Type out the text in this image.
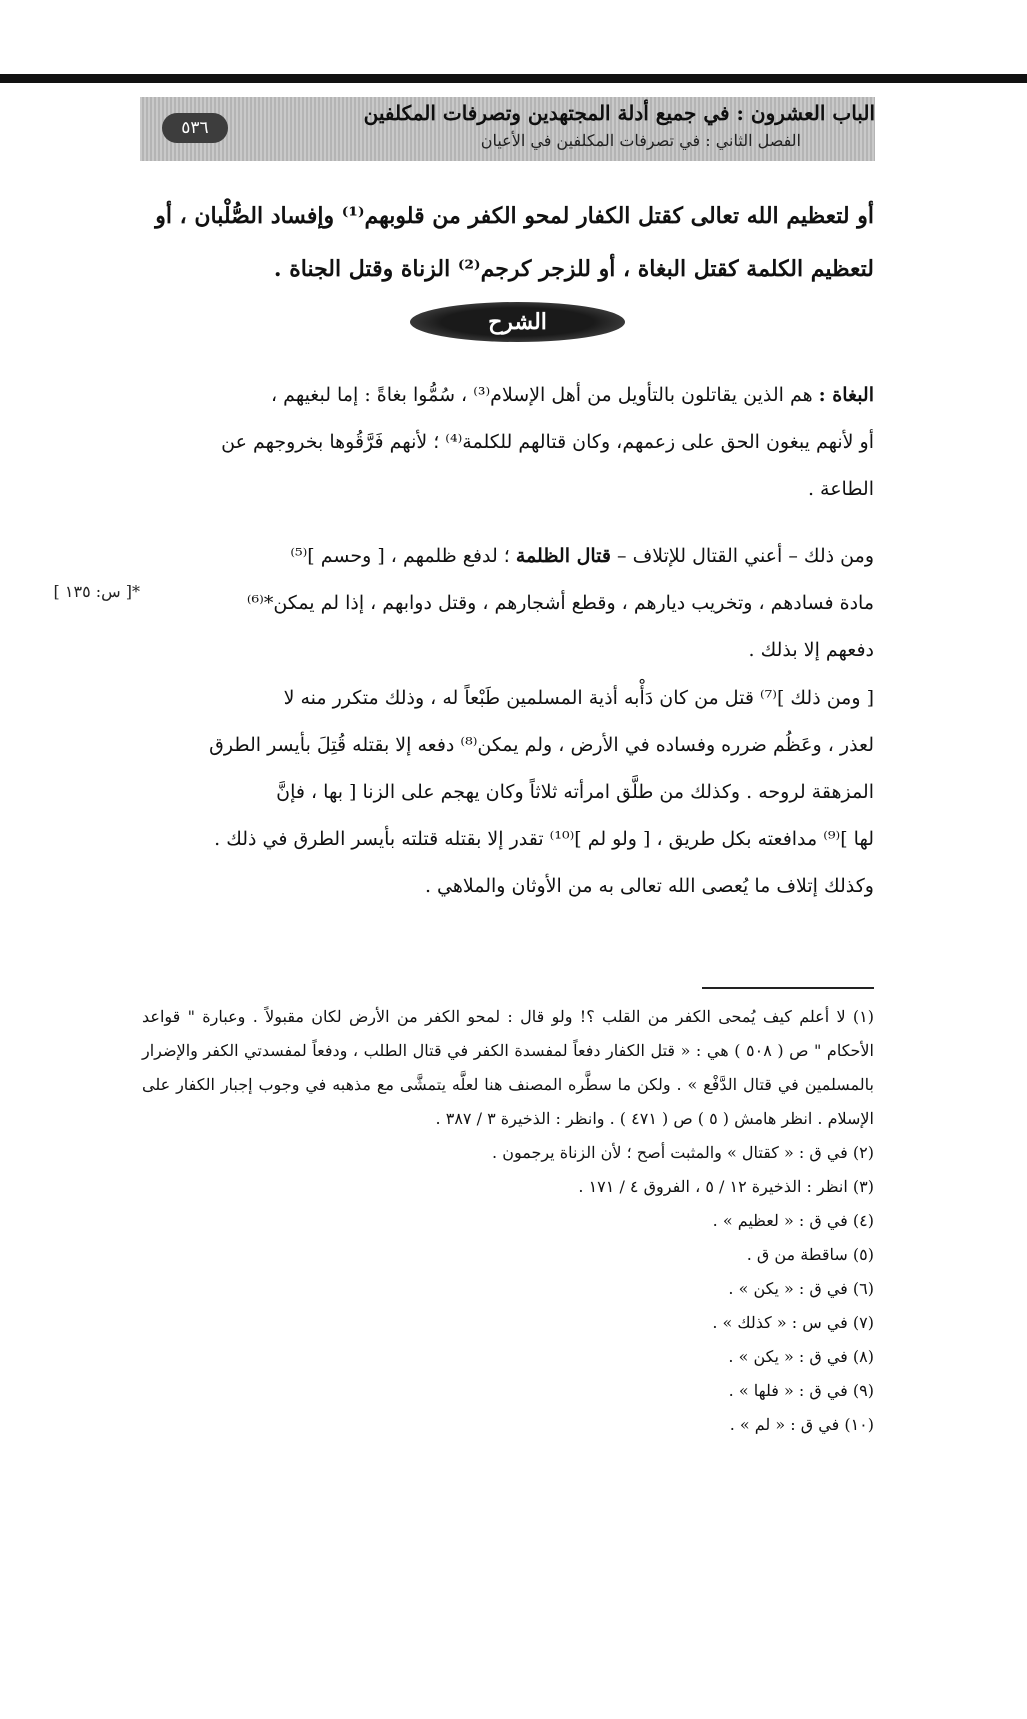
الباب العشرون : في جميع أدلة المجتهدين وتصرفات المكلفين
الفصل الثاني : في تصرفات المكلفين في الأعيان
٥٣٦

أو لتعظيم الله تعالى كقتل الكفار لمحو الكفر من قلوبهم⁽¹⁾ وإفساد الصُّلْبان ، أو

لتعظيم الكلمة كقتل البغاة ، أو للزجر كرجم⁽²⁾ الزناة وقتل الجناة .

الشرح

البغاة : هم الذين يقاتلون بالتأويل من أهل الإسلام⁽³⁾ ، سُمُّوا بغاةً : إما لبغيهم ،

أو لأنهم يبغون الحق على زعمهم، وكان قتالهم للكلمة⁽⁴⁾ ؛ لأنهم فَرَّقُوها بخروجهم عن

الطاعة .

ومن ذلك – أعني القتال للإتلاف – قتال الظلمة ؛ لدفع ظلمهم ، [ وحسم ]⁽⁵⁾

مادة فسادهم ، وتخريب ديارهم ، وقطع أشجارهم ، وقتل دوابهم ، إذا لم يمكن*⁽⁶⁾

دفعهم إلا بذلك .

*[ س: ١٣٥ ]

[ ومن ذلك ]⁽⁷⁾ قتل من كان دَأْبه أذية المسلمين طَبْعاً له ، وذلك متكرر منه لا

لعذر ، وعَظُم ضرره وفساده في الأرض ، ولم يمكن⁽⁸⁾ دفعه إلا بقتله قُتِلَ بأيسر الطرق

المزهقة لروحه . وكذلك من طلَّق امرأته ثلاثاً وكان يهجم على الزنا [ بها ، فإنَّ

لها ]⁽⁹⁾ مدافعته بكل طريق ، [ ولو لم ]⁽¹⁰⁾ تقدر إلا بقتله قتلته بأيسر الطرق في ذلك .

وكذلك إتلاف ما يُعصى الله تعالى به من الأوثان والملاهي .

(١) لا أعلم كيف يُمحى الكفر من القلب ؟! ولو قال : لمحو الكفر من الأرض لكان مقبولاً . وعبارة " قواعد الأحكام " ص ( ٥٠٨ ) هي : « قتل الكفار دفعاً لمفسدة الكفر في قتال الطلب ، ودفعاً لمفسدتي الكفر والإضرار بالمسلمين في قتال الدَّفْع » . ولكن ما سطَّره المصنف هنا لعلَّه يتمشَّى مع مذهبه في وجوب إجبار الكفار على الإسلام . انظر هامش ( ٥ ) ص ( ٤٧١ ) . وانظر : الذخيرة ٣ / ٣٨٧ .

(٢) في ق : « كقتال » والمثبت أصح ؛ لأن الزناة يرجمون .

(٣) انظر : الذخيرة ١٢ / ٥ ، الفروق ٤ / ١٧١ .

(٤) في ق : « لعظيم » .

(٥) ساقطة من ق .

(٦) في ق : « يكن » .

(٧) في س : « كذلك » .

(٨) في ق : « يكن » .

(٩) في ق : « فلها » .

(١٠) في ق : « لم » .
